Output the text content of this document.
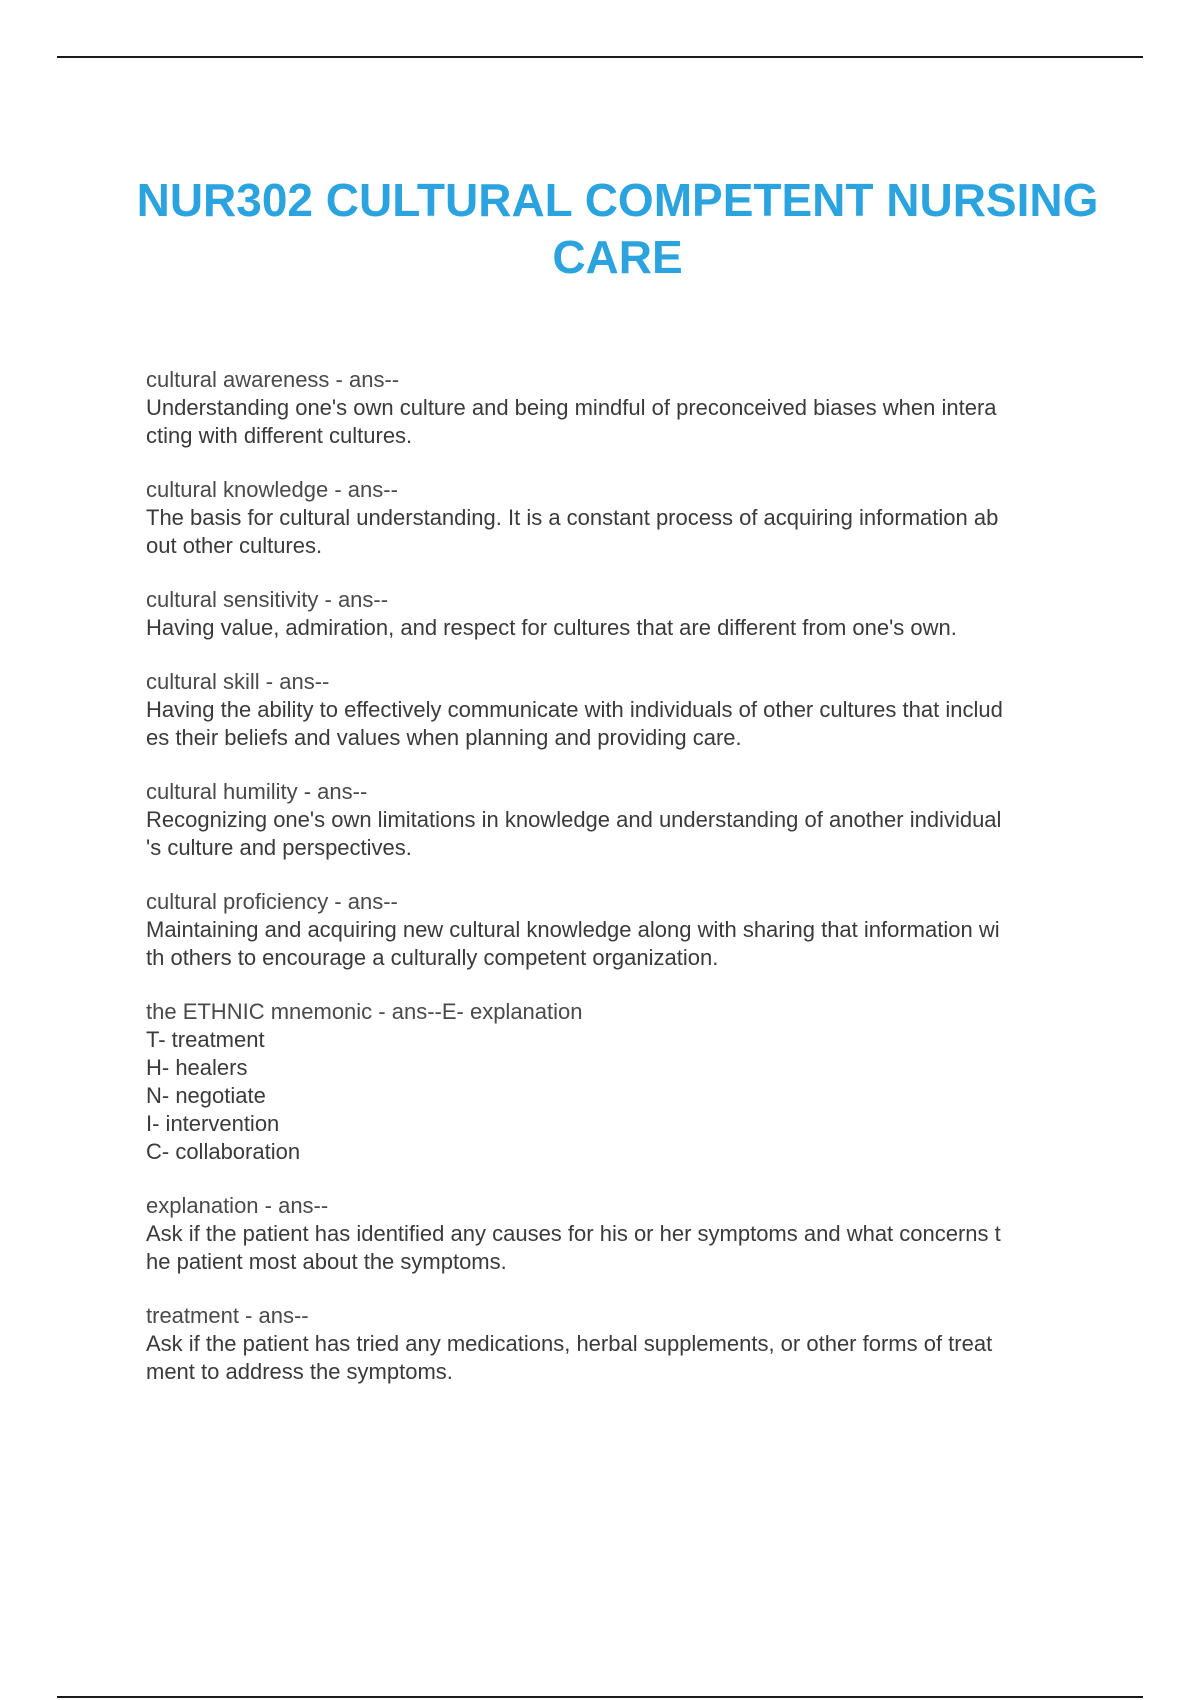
NUR302 CULTURAL COMPETENT NURSING CARE
cultural awareness - ans--
Understanding one's own culture and being mindful of preconceived biases when intera
cting with different cultures.
cultural knowledge - ans--
The basis for cultural understanding. It is a constant process of acquiring information ab
out other cultures.
cultural sensitivity - ans--
Having value, admiration, and respect for cultures that are different from one's own.
cultural skill - ans--
Having the ability to effectively communicate with individuals of other cultures that includ
es their beliefs and values when planning and providing care.
cultural humility - ans--
Recognizing one's own limitations in knowledge and understanding of another individual
's culture and perspectives.
cultural proficiency - ans--
Maintaining and acquiring new cultural knowledge along with sharing that information wi
th others to encourage a culturally competent organization.
the ETHNIC mnemonic - ans--E- explanation
T- treatment
H- healers
N- negotiate
I- intervention
C- collaboration
explanation - ans--
Ask if the patient has identified any causes for his or her symptoms and what concerns t
he patient most about the symptoms.
treatment - ans--
Ask if the patient has tried any medications, herbal supplements, or other forms of treat
ment to address the symptoms.
